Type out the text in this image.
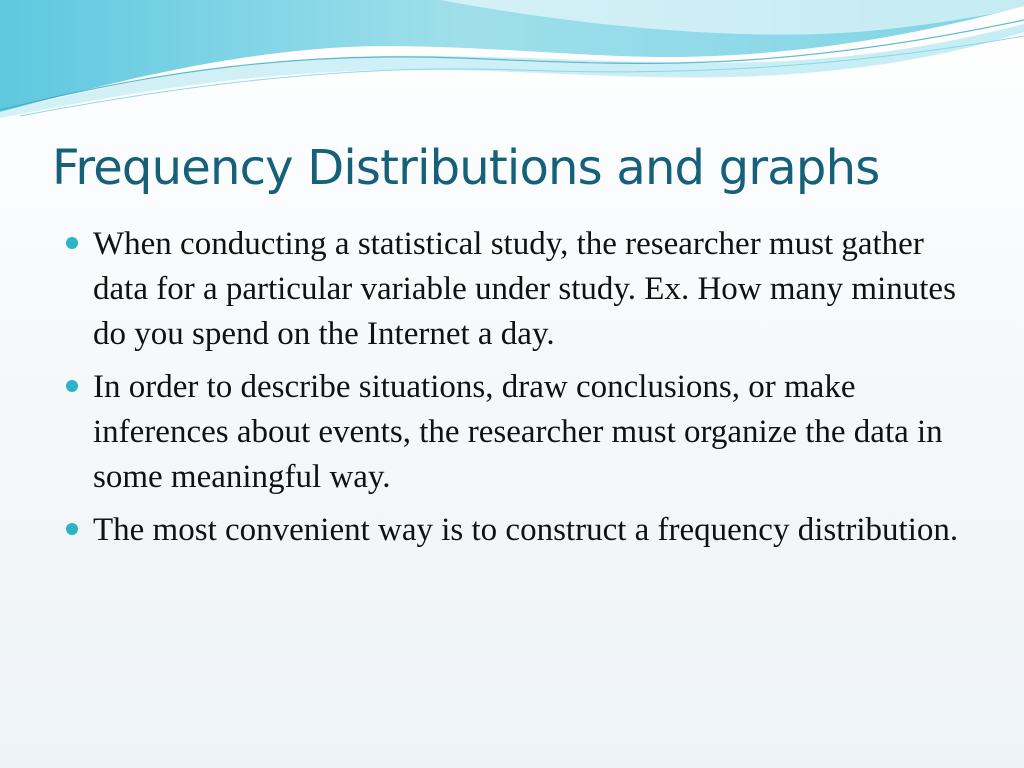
Frequency Distributions and graphs
When conducting a statistical study, the researcher must gather data for a particular variable under study. Ex. How many minutes do you spend on the Internet a day.
In order to describe situations, draw conclusions, or make inferences about events, the researcher must organize the data in some meaningful way.
The most convenient way is to construct a frequency distribution.
